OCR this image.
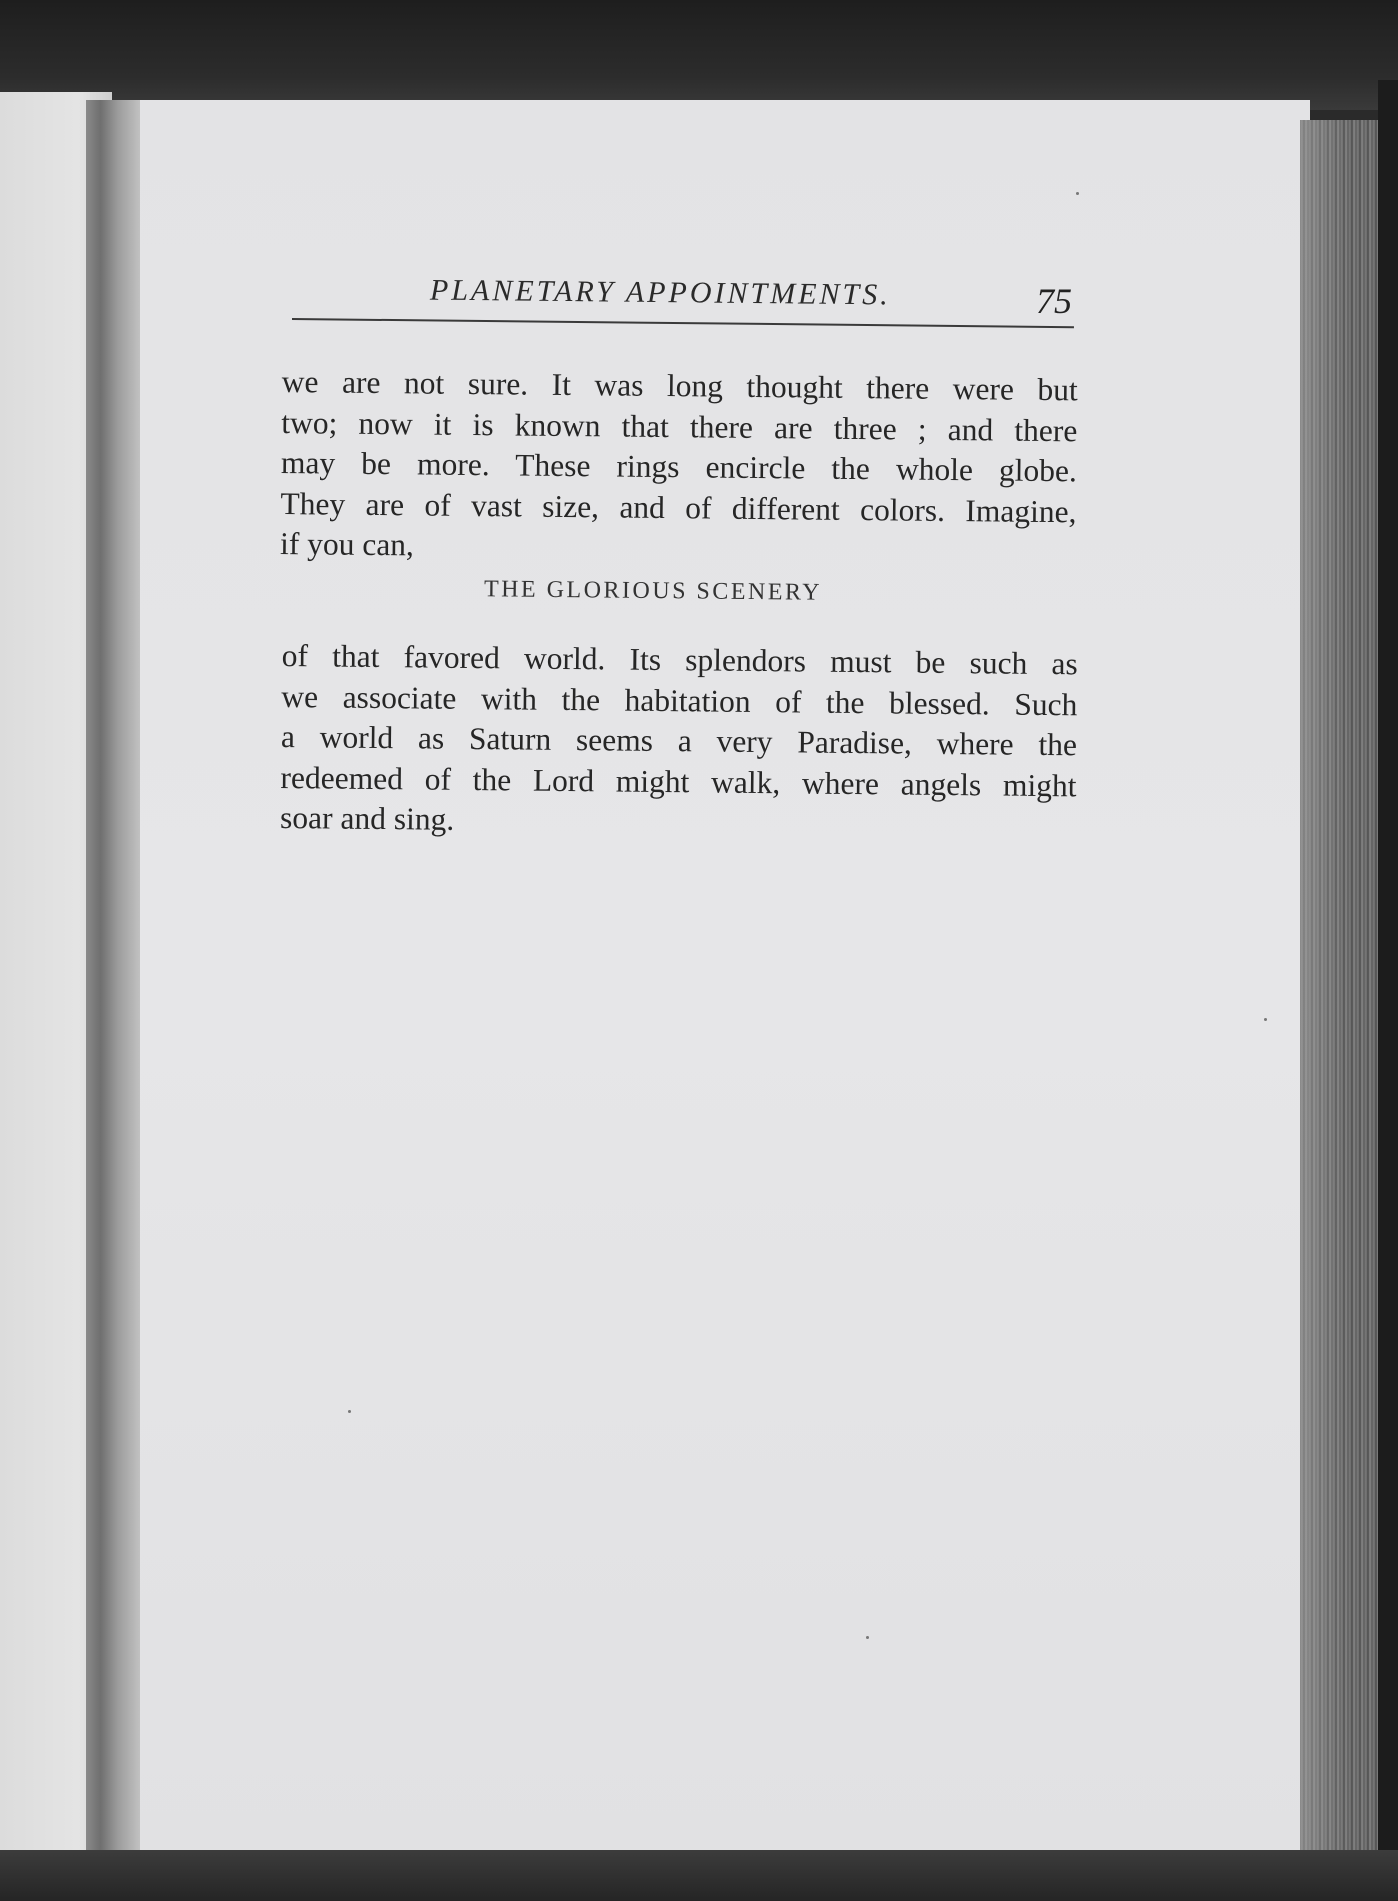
PLANETARY APPOINTMENTS.	75
we are not sure. It was long thought there were but
two; now it is known that there are three ; and there
may be more. These rings encircle the whole globe.
They are of vast size, and of different colors. Imagine,
if you can,
THE GLORIOUS SCENERY
of that favored world. Its splendors must be such as
we associate with the habitation of the blessed. Such
a world as Saturn seems a very Paradise, where the
redeemed of the Lord might walk, where angels might
soar and sing.
